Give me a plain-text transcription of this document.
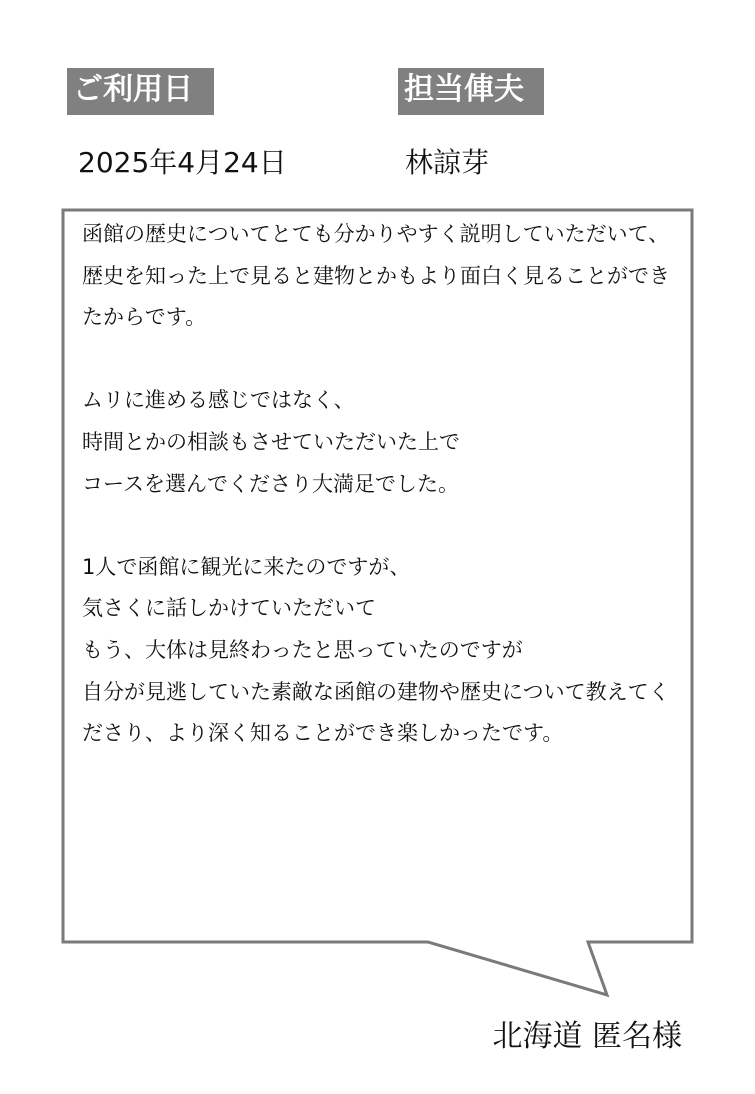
ご利用日	担当俥夫
2025年4月24日	林諒芽
函館の歴史についてとても分かりやすく説明していただいて、歴史を知った上で見ると建物とかもより面白く見ることができたからです。

ムリに進める感じではなく、
時間とかの相談もさせていただいた上で
コースを選んでくださり大満足でした。

1人で函館に観光に来たのですが、
気さくに話しかけていただいて
もう、大体は見終わったと思っていたのですが
自分が見逃していた素敵な函館の建物や歴史について教えてくださり、より深く知ることができ楽しかったです。
北海道 匿名様
